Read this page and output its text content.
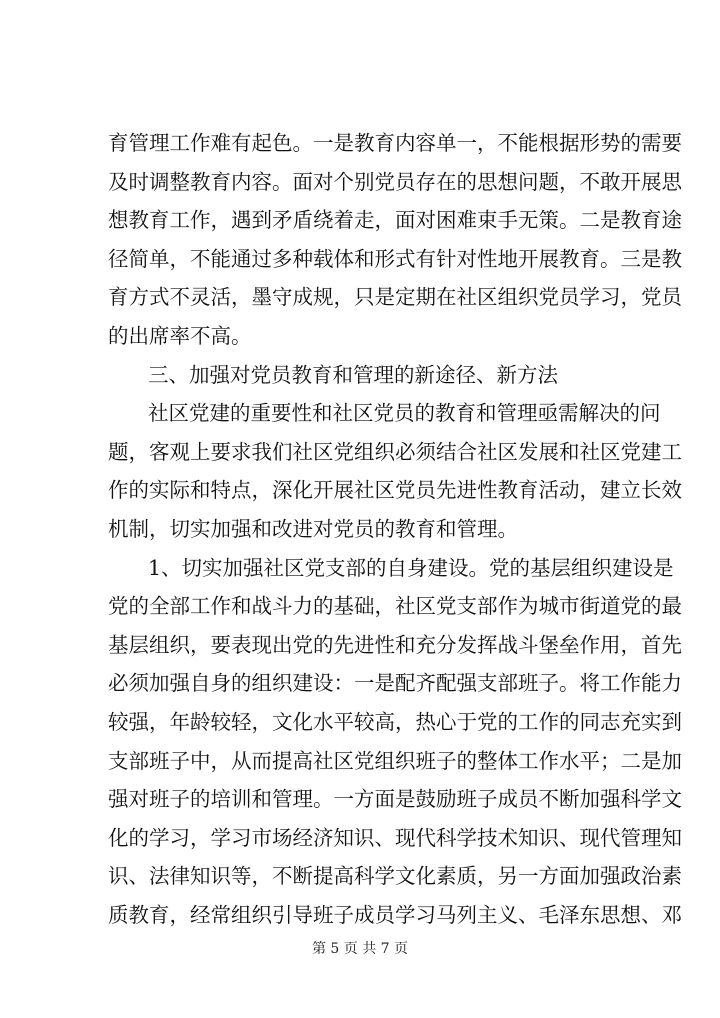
育管理工作难有起色。一是教育内容单一，不能根据形势的需要
及时调整教育内容。面对个别党员存在的思想问题，不敢开展思
想教育工作，遇到矛盾绕着走，面对困难束手无策。二是教育途
径简单，不能通过多种载体和形式有针对性地开展教育。三是教
育方式不灵活，墨守成规，只是定期在社区组织党员学习，党员
的出席率不高。
三、加强对党员教育和管理的新途径、新方法
社区党建的重要性和社区党员的教育和管理亟需解决的问
题，客观上要求我们社区党组织必须结合社区发展和社区党建工
作的实际和特点，深化开展社区党员先进性教育活动，建立长效
机制，切实加强和改进对党员的教育和管理。
1、切实加强社区党支部的自身建设。党的基层组织建设是
党的全部工作和战斗力的基础，社区党支部作为城市街道党的最
基层组织，要表现出党的先进性和充分发挥战斗堡垒作用，首先
必须加强自身的组织建设：一是配齐配强支部班子。将工作能力
较强，年龄较轻，文化水平较高，热心于党的工作的同志充实到
支部班子中，从而提高社区党组织班子的整体工作水平；二是加
强对班子的培训和管理。一方面是鼓励班子成员不断加强科学文
化的学习，学习市场经济知识、现代科学技术知识、现代管理知
识、法律知识等，不断提高科学文化素质，另一方面加强政治素
质教育，经常组织引导班子成员学习马列主义、毛泽东思想、邓
第 5 页 共 7 页
